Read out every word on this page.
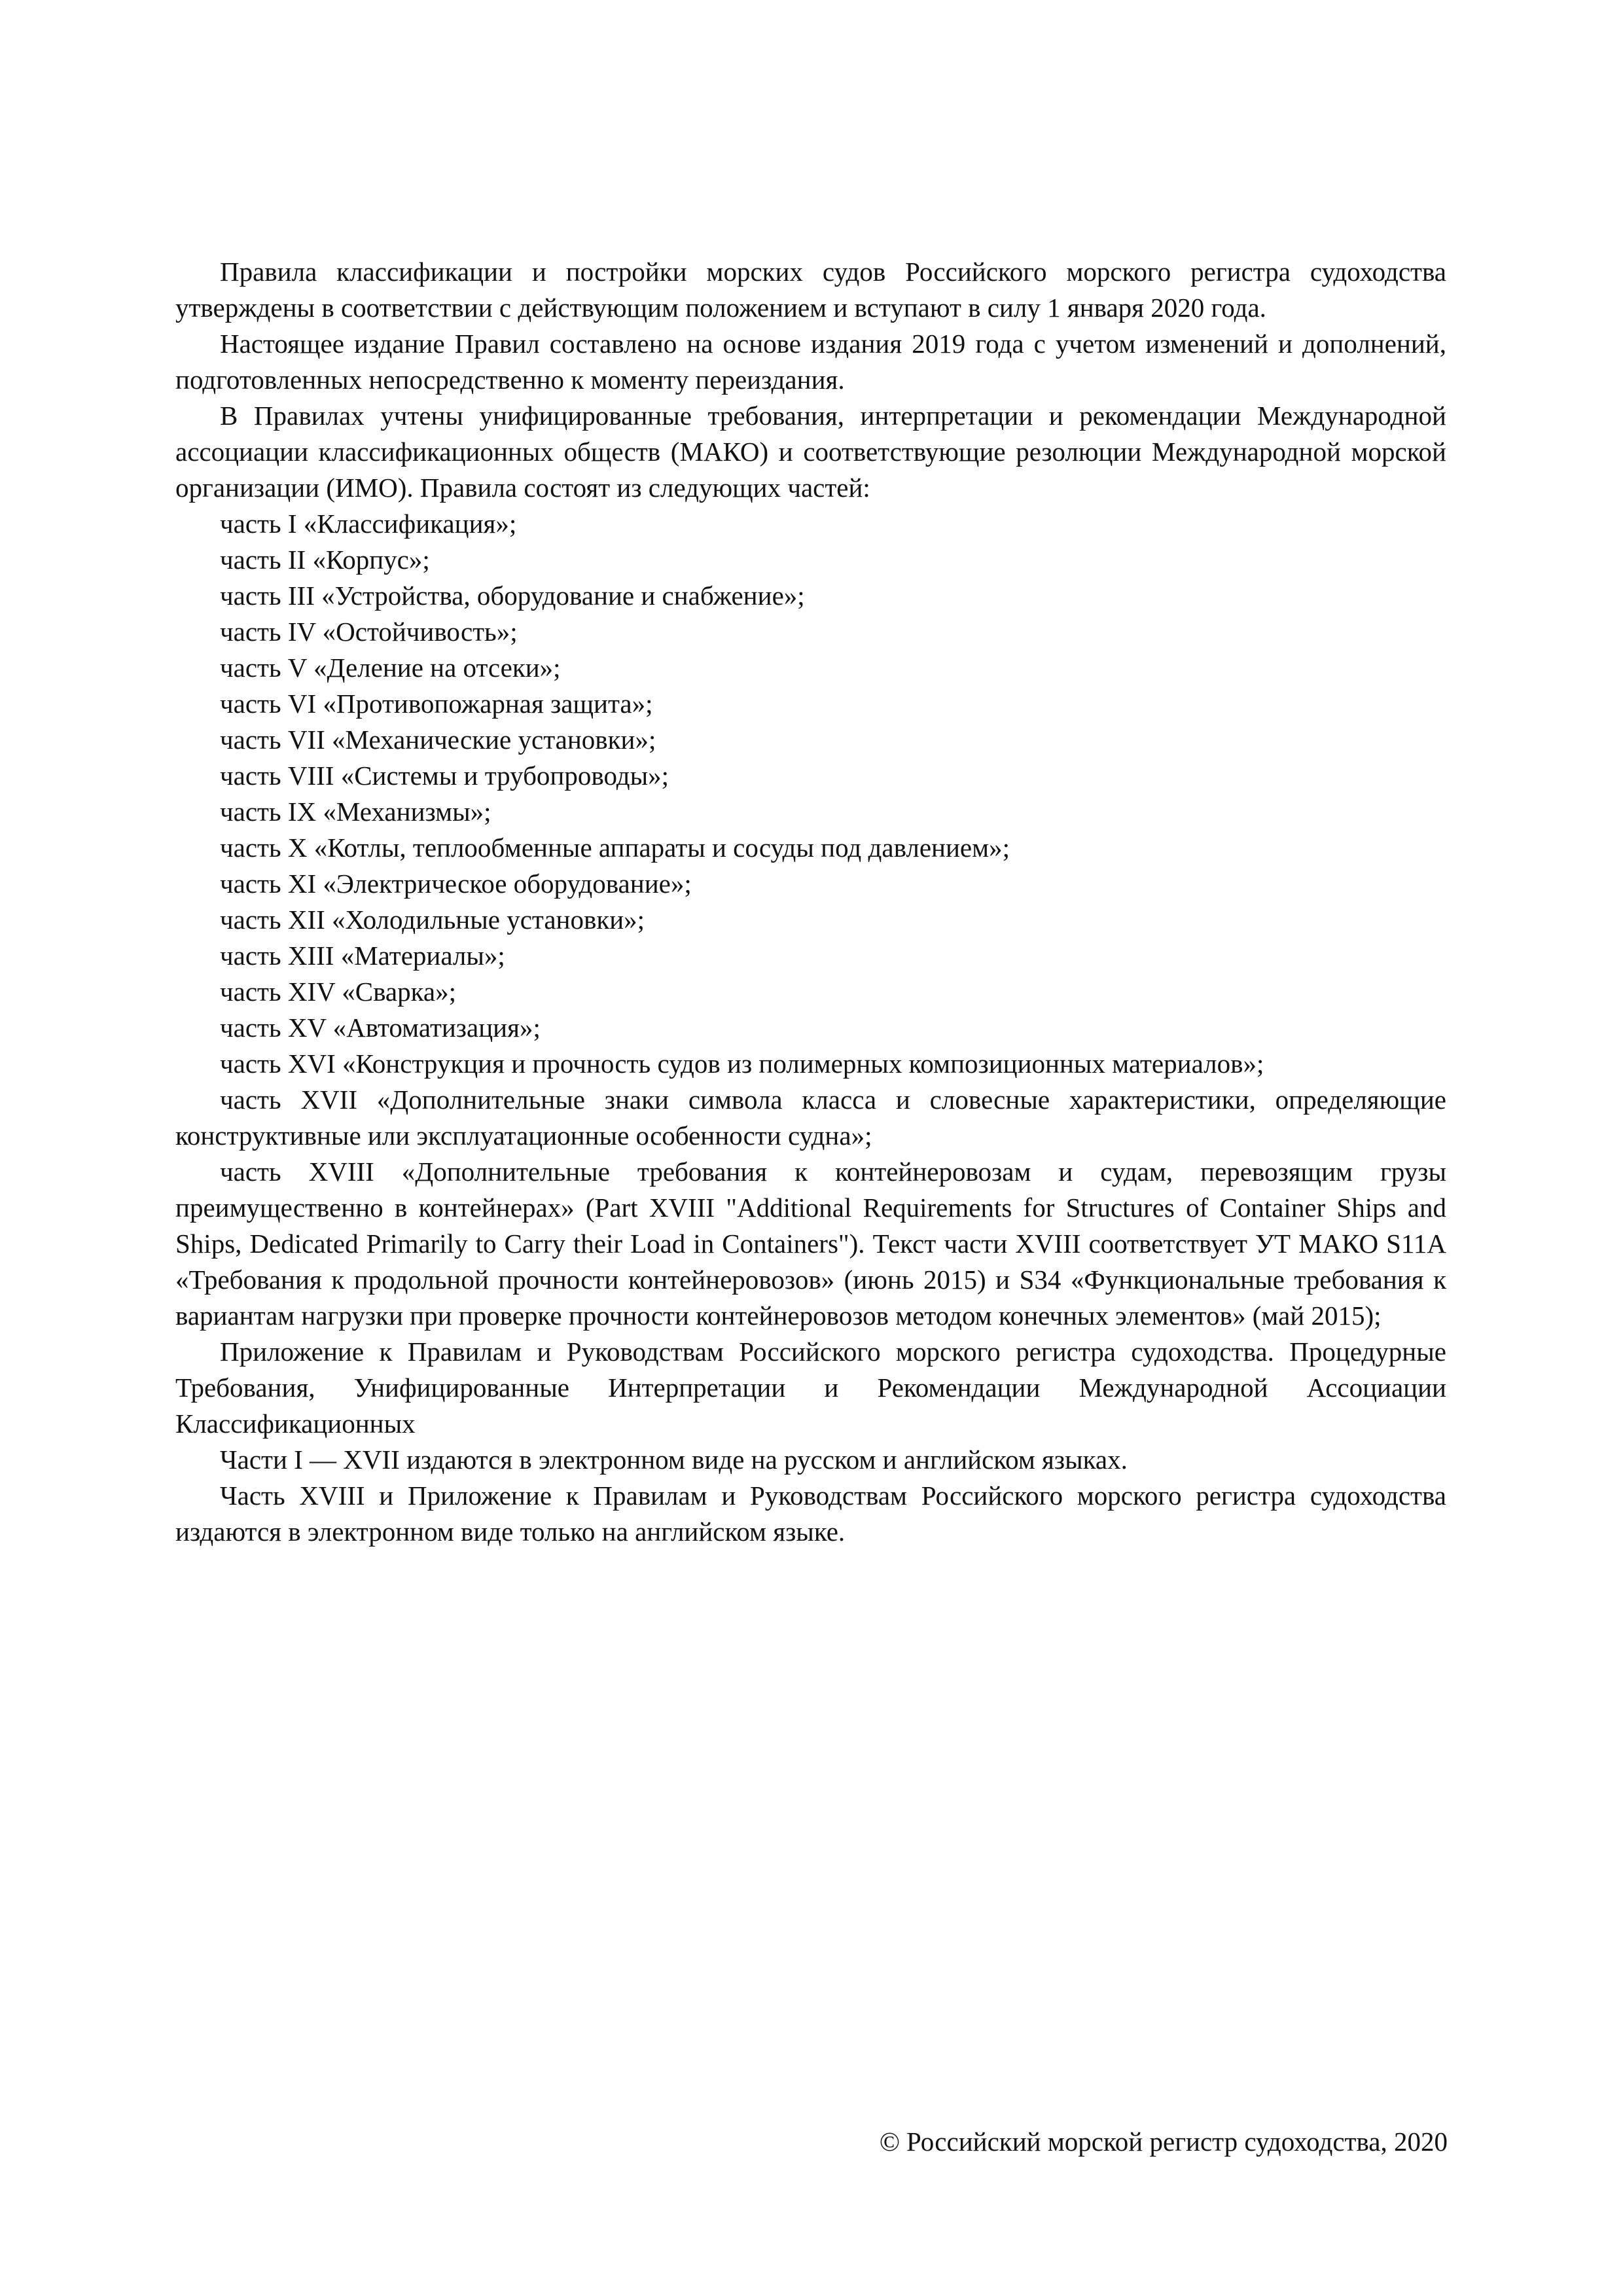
Правила классификации и постройки морских судов Российского морского регистра судоходства утверждены в соответствии с действующим положением и вступают в силу 1 января 2020 года.

Настоящее издание Правил составлено на основе издания 2019 года с учетом изменений и дополнений, подготовленных непосредственно к моменту переиздания.

В Правилах учтены унифицированные требования, интерпретации и рекомендации Международной ассоциации классификационных обществ (МАКО) и соответствующие резолюции Международной морской организации (ИМО). Правила состоят из следующих частей:

часть I «Классификация»;

часть II «Корпус»;

часть III «Устройства, оборудование и снабжение»;

часть IV «Остойчивость»;

часть V «Деление на отсеки»;

часть VI «Противопожарная защита»;

часть VII «Механические установки»;

часть VIII «Системы и трубопроводы»;

часть IX «Механизмы»;

часть X «Котлы, теплообменные аппараты и сосуды под давлением»;

часть XI «Электрическое оборудование»;

часть XII «Холодильные установки»;

часть XIII «Материалы»;

часть XIV «Сварка»;

часть XV «Автоматизация»;

часть XVI «Конструкция и прочность судов из полимерных композиционных материалов»;

часть XVII «Дополнительные знаки символа класса и словесные характеристики, определяющие конструктивные или эксплуатационные особенности судна»;

часть XVIII «Дополнительные требования к контейнеровозам и судам, перевозящим грузы преимущественно в контейнерах» (Part XVIII "Additional Requirements for Structures of Container Ships and Ships, Dedicated Primarily to Carry their Load in Containers"). Текст части XVIII соответствует УТ МАКО S11A «Требования к продольной прочности контейнеровозов» (июнь 2015) и S34 «Функциональные требования к вариантам нагрузки при проверке прочности контейнеровозов методом конечных элементов» (май 2015);

Приложение к Правилам и Руководствам Российского морского регистра судоходства. Процедурные Требования, Унифицированные Интерпретации и Рекомендации Международной Ассоциации Классификационных

Части I — XVII издаются в электронном виде на русском и английском языках.

Часть XVIII и Приложение к Правилам и Руководствам Российского морского регистра судоходства издаются в электронном виде только на английском языке.

© Российский морской регистр судоходства, 2020
